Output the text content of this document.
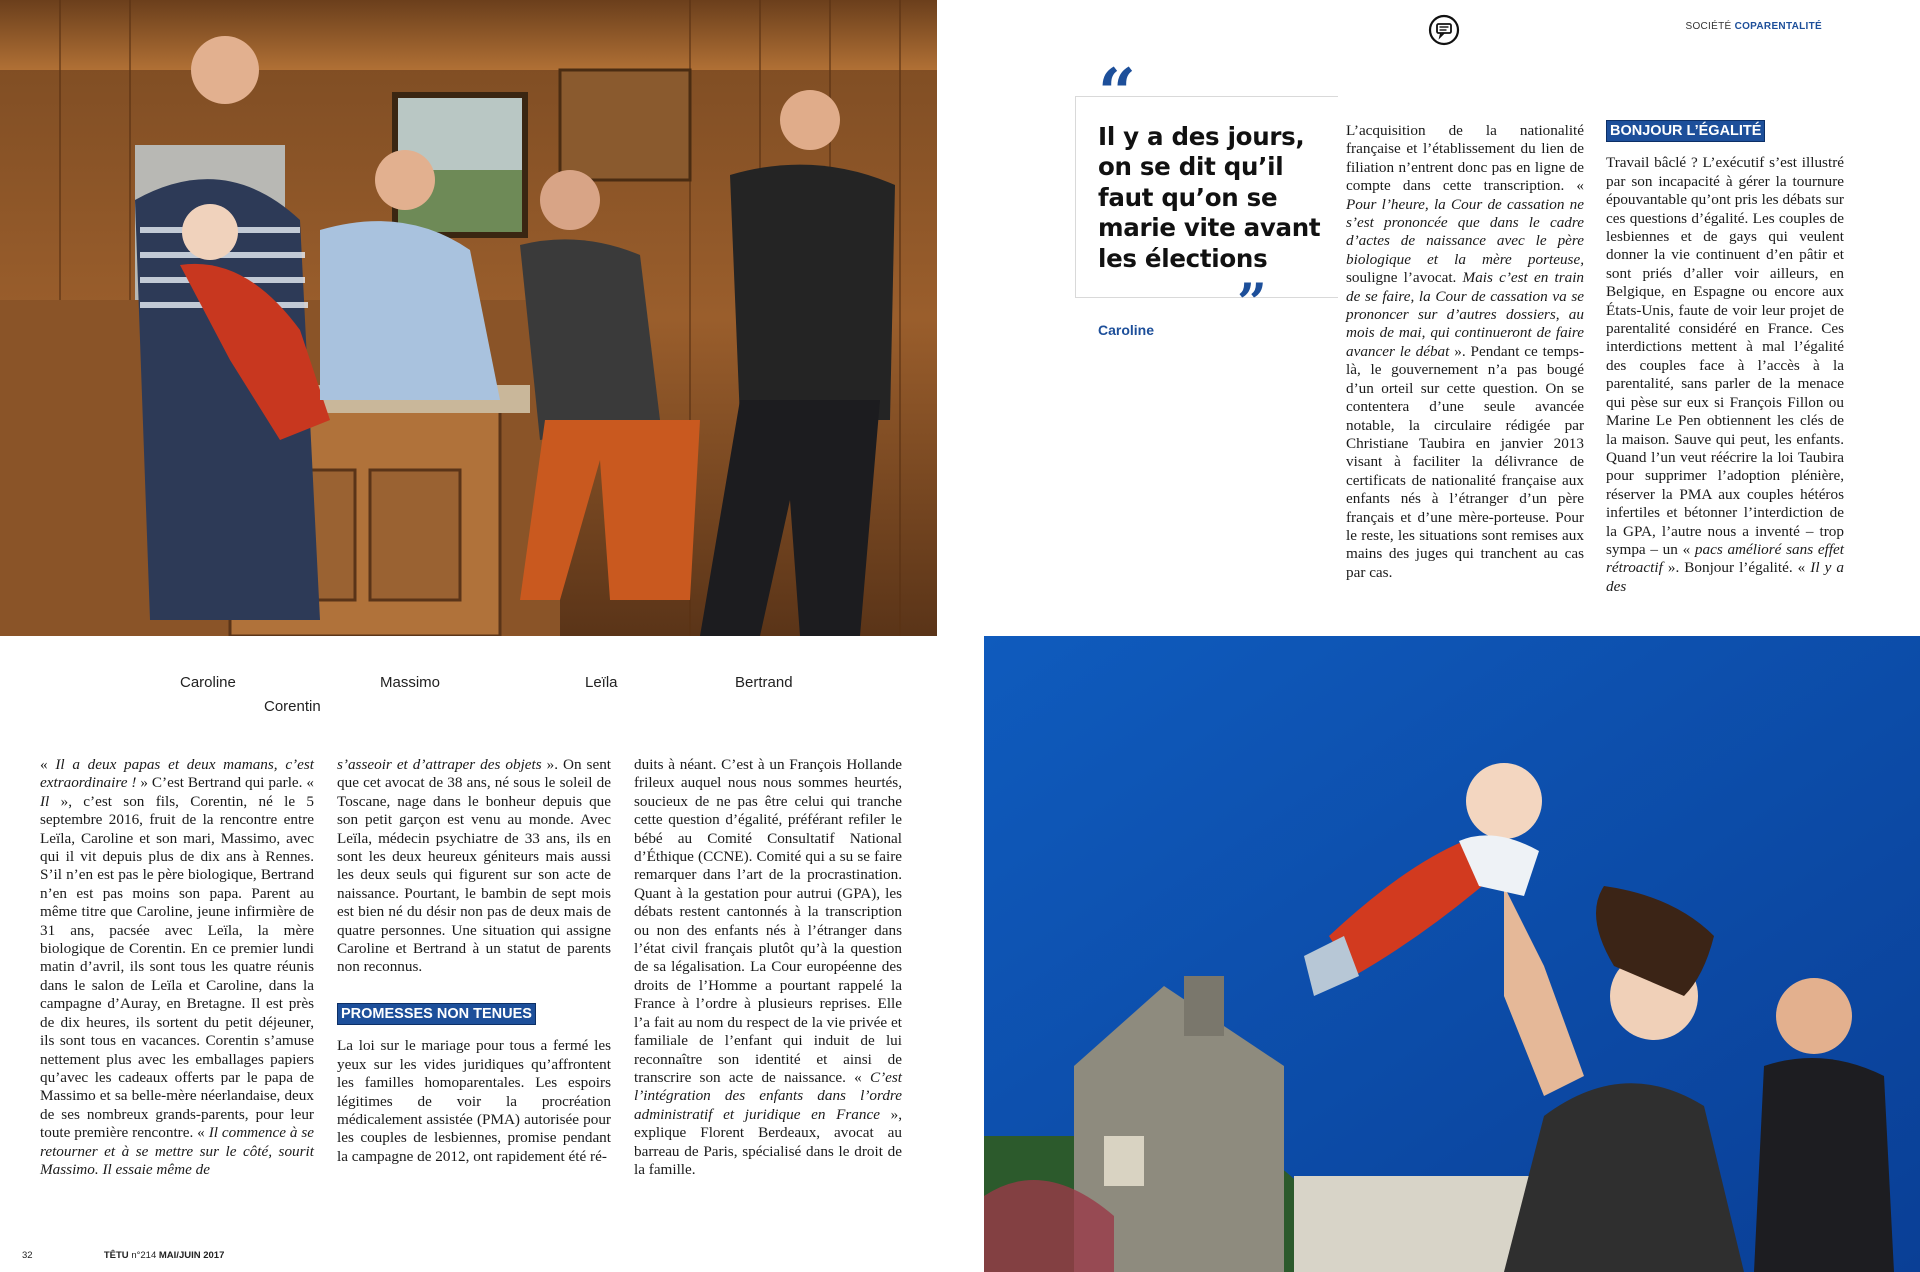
SOCIÉTÉ COPARENTALITÉ
“
Il y a des jours, on se dit qu’il faut qu’on se marie vite avant les élections
”
Caroline

L’acquisition de la nationalité française et l’établissement du lien de filiation n’entrent donc pas en ligne de compte dans cette transcription. « Pour l’heure, la Cour de cassation ne s’est prononcée que dans le cadre d’actes de naissance avec le père biologique et la mère porteuse, souligne l’avocat. Mais c’est en train de se faire, la Cour de cassation va se prononcer sur d’autres dossiers, au mois de mai, qui continueront de faire avancer le débat ». Pendant ce temps-là, le gouvernement n’a pas bougé d’un orteil sur cette question. On se contentera d’une seule avancée notable, la circulaire rédigée par Christiane Taubira en janvier 2013 visant à faciliter la délivrance de certificats de nationalité française aux enfants nés à l’étranger d’un père français et d’une mère-porteuse. Pour le reste, les situations sont remises aux mains des juges qui tranchent au cas par cas.

BONJOUR L’ÉGALITÉ

Travail bâclé ? L’exécutif s’est illustré par son incapacité à gérer la tournure épouvantable qu’ont pris les débats sur ces questions d’égalité. Les couples de lesbiennes et de gays qui veulent donner la vie continuent d’en pâtir et sont priés d’aller voir ailleurs, en Belgique, en Espagne ou encore aux États-Unis, faute de voir leur projet de parentalité considéré en France. Ces interdictions mettent à mal l’égalité des couples face à l’accès à la parentalité, sans parler de la menace qui pèse sur eux si François Fillon ou Marine Le Pen obtiennent les clés de la maison. Sauve qui peut, les enfants. Quand l’un veut réécrire la loi Taubira pour supprimer l’adoption plénière, réserver la PMA aux couples hétéros infertiles et bétonner l’interdiction de la GPA, l’autre nous a inventé – trop sympa – un « pacs amélioré sans effet rétroactif ». Bonjour l’égalité. « Il y a des

Caroline	Massimo	Leïla	Bertrand
Corentin

« Il a deux papas et deux mamans, c’est extraordinaire ! » C’est Bertrand qui parle. « Il », c’est son fils, Corentin, né le 5 septembre 2016, fruit de la rencontre entre Leïla, Caroline et son mari, Massimo, avec qui il vit depuis plus de dix ans à Rennes. S’il n’en est pas le père biologique, Bertrand n’en est pas moins son papa. Parent au même titre que Caroline, jeune infirmière de 31 ans, pacsée avec Leïla, la mère biologique de Corentin. En ce premier lundi matin d’avril, ils sont tous les quatre réunis dans le salon de Leïla et Caroline, dans la campagne d’Auray, en Bretagne. Il est près de dix heures, ils sortent du petit déjeuner, ils sont tous en vacances. Corentin s’amuse nettement plus avec les emballages papiers qu’avec les cadeaux offerts par le papa de Massimo et sa belle-mère néerlandaise, deux de ses nombreux grands-parents, pour leur toute première rencontre. « Il commence à se retourner et à se mettre sur le côté, sourit Massimo. Il essaie même de

s’asseoir et d’attraper des objets ». On sent que cet avocat de 38 ans, né sous le soleil de Toscane, nage dans le bonheur depuis que son petit garçon est venu au monde. Avec Leïla, médecin psychiatre de 33 ans, ils en sont les deux heureux géniteurs mais aussi les deux seuls qui figurent sur son acte de naissance. Pourtant, le bambin de sept mois est bien né du désir non pas de deux mais de quatre personnes. Une situation qui assigne Caroline et Bertrand à un statut de parents non reconnus.

PROMESSES NON TENUES

La loi sur le mariage pour tous a fermé les yeux sur les vides juridiques qu’affrontent les familles homoparentales. Les espoirs légitimes de voir la procréation médicalement assistée (PMA) autorisée pour les couples de lesbiennes, promise pendant la campagne de 2012, ont rapidement été ré-

duits à néant. C’est à un François Hollande frileux auquel nous nous sommes heurtés, soucieux de ne pas être celui qui tranche cette question d’égalité, préférant refiler le bébé au Comité Consultatif National d’Éthique (CCNE). Comité qui a su se faire remarquer dans l’art de la procrastination. Quant à la gestation pour autrui (GPA), les débats restent cantonnés à la transcription ou non des enfants nés à l’étranger dans l’état civil français plutôt qu’à la question de sa légalisation. La Cour européenne des droits de l’Homme a pourtant rappelé la France à l’ordre à plusieurs reprises. Elle l’a fait au nom du respect de la vie privée et familiale de l’enfant qui induit de lui reconnaître son identité et ainsi de transcrire son acte de naissance. « C’est l’intégration des enfants dans l’ordre administratif et juridique en France », explique Florent Berdeaux, avocat au barreau de Paris, spécialisé dans le droit de la famille.

32	TÊTU n°214 MAI/JUIN 2017
